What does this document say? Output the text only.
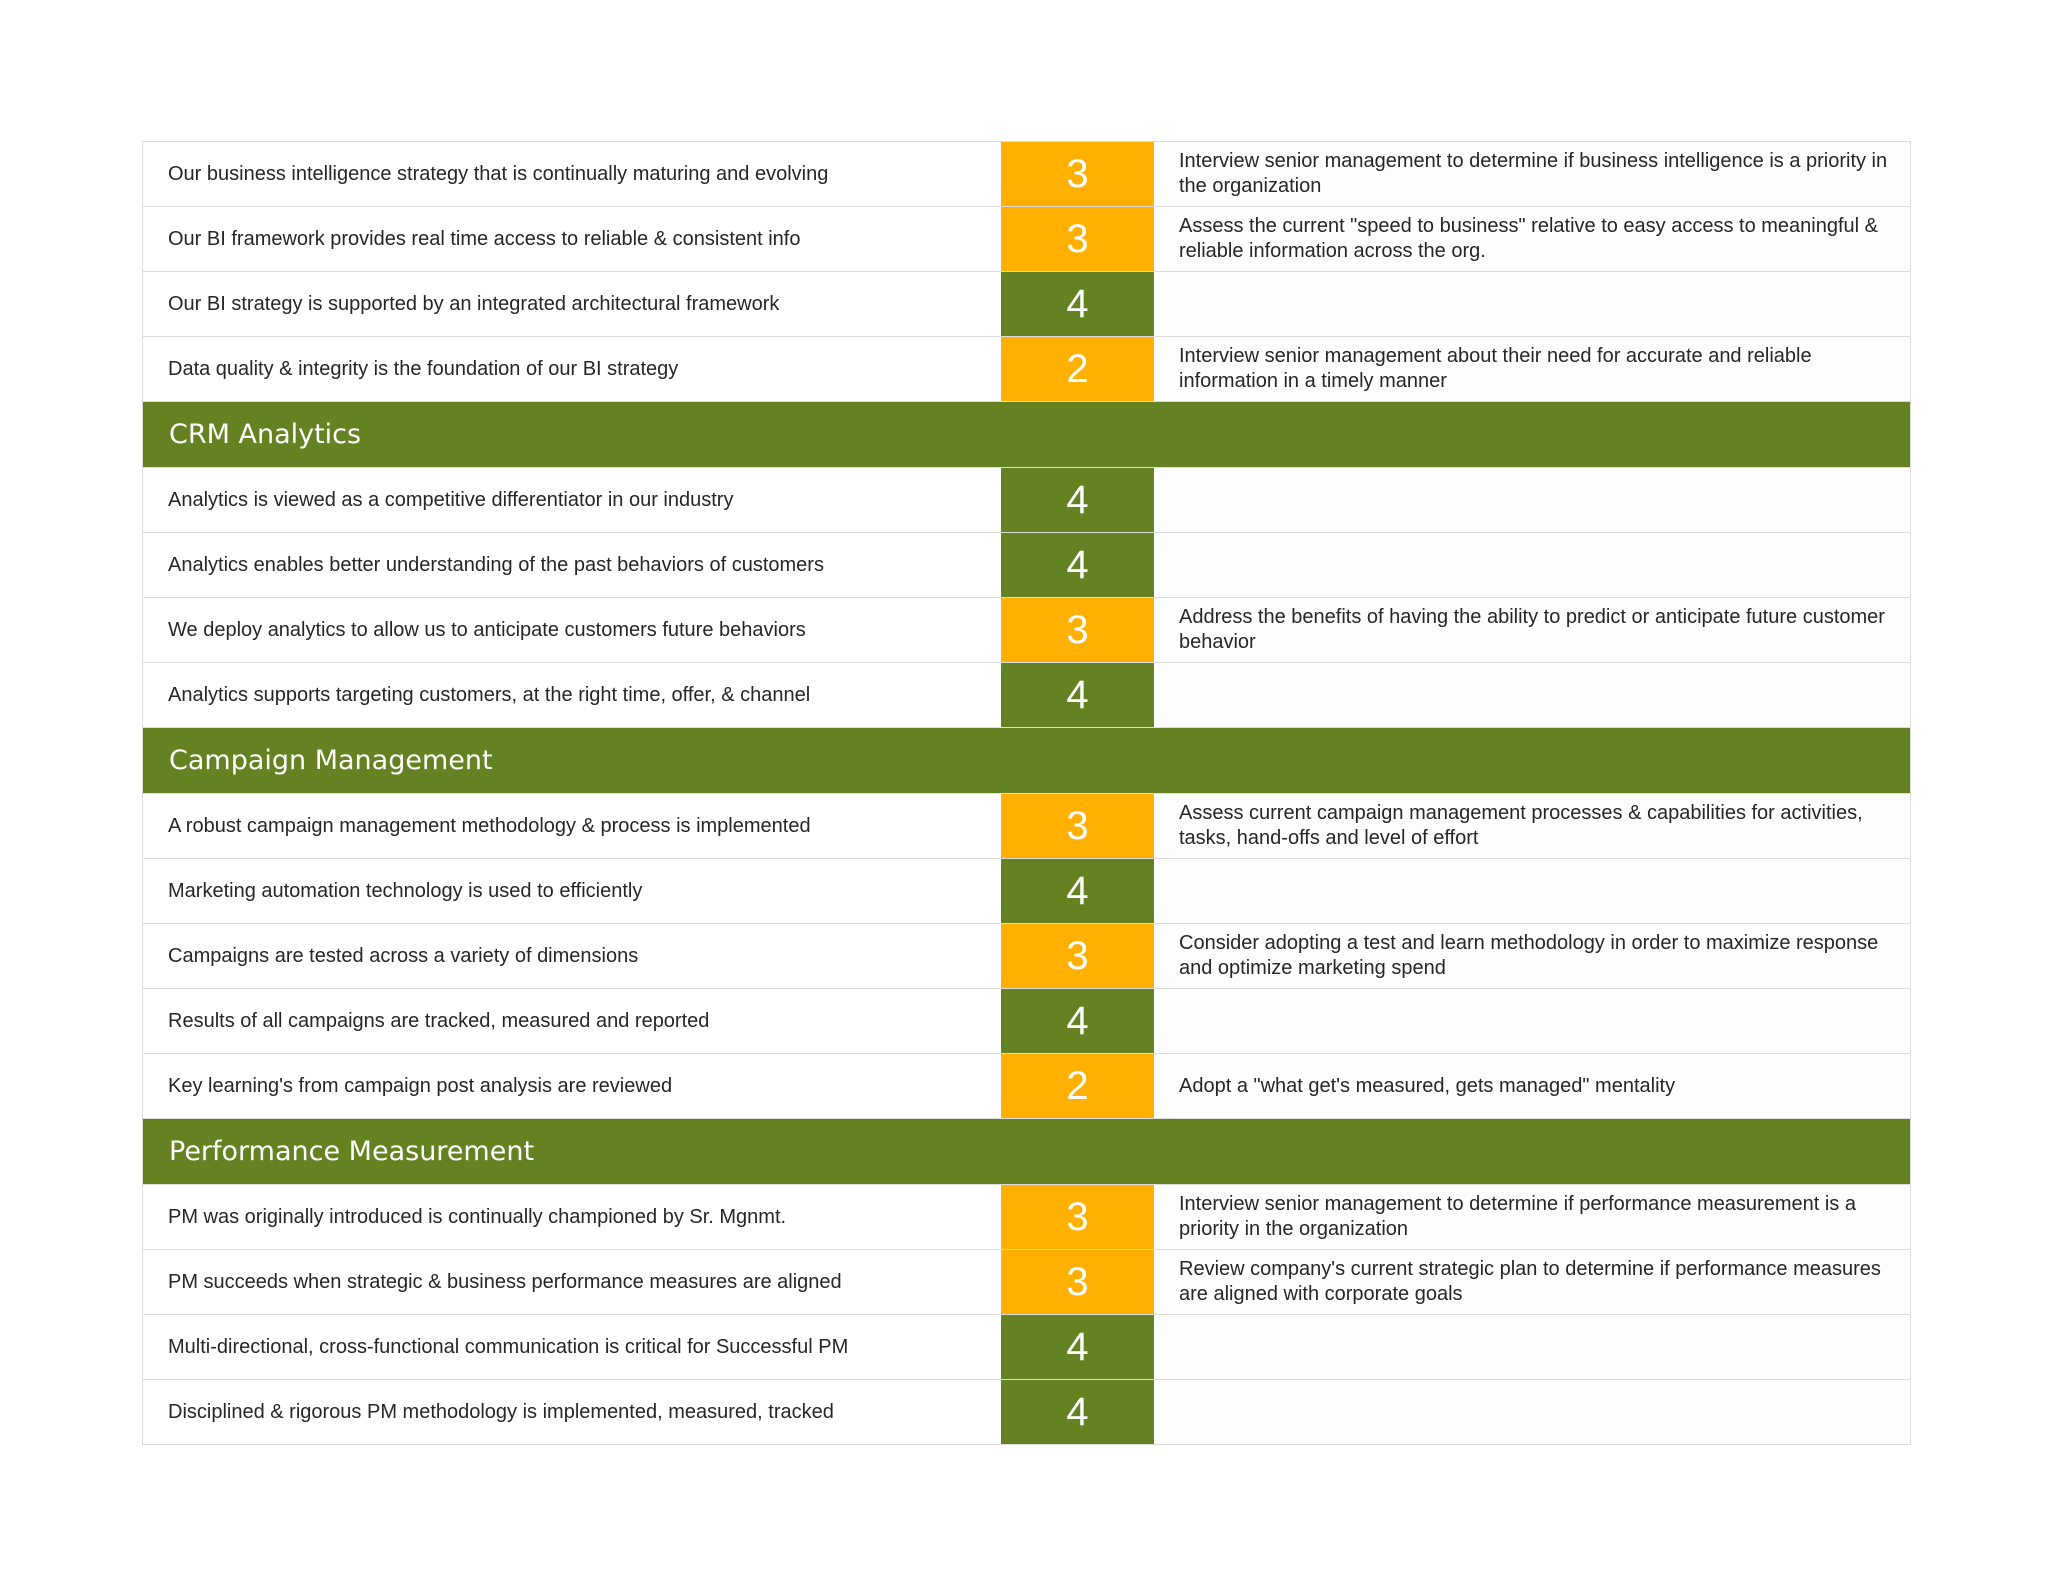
Our business intelligence strategy that is continually maturing and evolving	3	Interview senior management to determine if business intelligence is a priority in the organization
Our BI framework provides real time access to reliable & consistent info	3	Assess the current "speed to business" relative to easy access to meaningful & reliable information across the org.
Our BI strategy is supported by an integrated architectural framework	4
Data quality & integrity is the foundation of our BI strategy	2	Interview senior management about their need for accurate and reliable information in a timely manner
CRM Analytics
Analytics is viewed as a competitive differentiator in our industry	4
Analytics enables better understanding of the past behaviors of customers	4
We deploy analytics to allow us to anticipate customers future behaviors	3	Address the benefits of having the ability to predict or anticipate future customer behavior
Analytics supports targeting customers, at the right time, offer, & channel	4
Campaign Management
A robust campaign management methodology & process is implemented	3	Assess current campaign management processes & capabilities for activities, tasks, hand-offs and level of effort
Marketing automation technology is used to efficiently	4
Campaigns are tested across a variety of dimensions	3	Consider adopting a test and learn methodology in order to maximize response and optimize marketing spend
Results of all campaigns are tracked, measured and reported	4
Key learning's from campaign post analysis are reviewed	2	Adopt a "what get's measured, gets managed" mentality
Performance Measurement
PM was originally introduced is continually championed by Sr. Mgnmt.	3	Interview senior management to determine if performance measurement is a priority in the organization
PM succeeds when strategic & business performance measures are aligned	3	Review company's current strategic plan to determine if performance measures are aligned with corporate goals
Multi-directional, cross-functional communication is critical for Successful PM	4
Disciplined & rigorous PM methodology is implemented, measured, tracked	4
